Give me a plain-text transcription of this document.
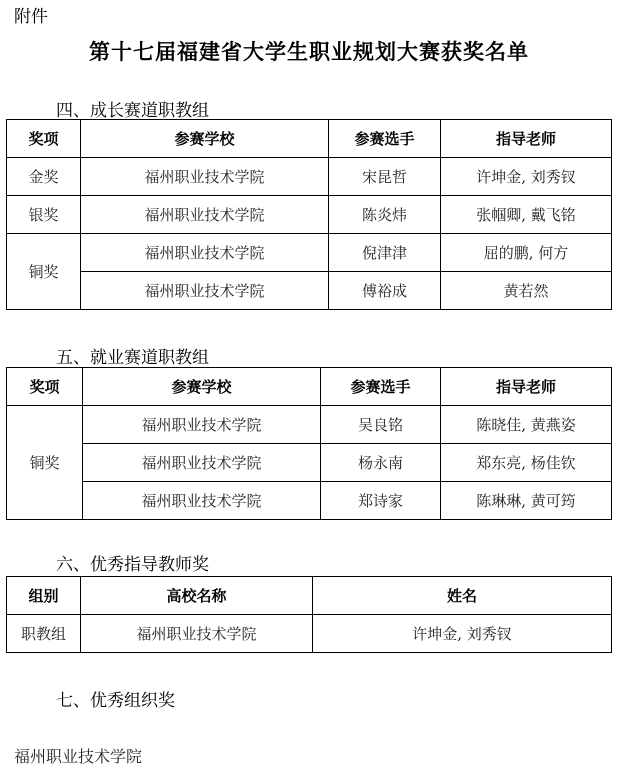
附件
第十七届福建省大学生职业规划大赛获奖名单
四、成长赛道职教组
奖项	参赛学校	参赛选手	指导老师
金奖	福州职业技术学院	宋昆哲	许坤金, 刘秀钗
银奖	福州职业技术学院	陈炎炜	张帼卿, 戴飞铭
铜奖	福州职业技术学院	倪津津	屈的鹏, 何方
	福州职业技术学院	傅裕成	黄若然
五、就业赛道职教组
奖项	参赛学校	参赛选手	指导老师
铜奖	福州职业技术学院	吴良铭	陈晓佳, 黄燕姿
	福州职业技术学院	杨永南	郑东亮, 杨佳钦
	福州职业技术学院	郑诗家	陈琳琳, 黄可筠
六、优秀指导教师奖
组别	高校名称	姓名
职教组	福州职业技术学院	许坤金, 刘秀钗
七、优秀组织奖
福州职业技术学院
